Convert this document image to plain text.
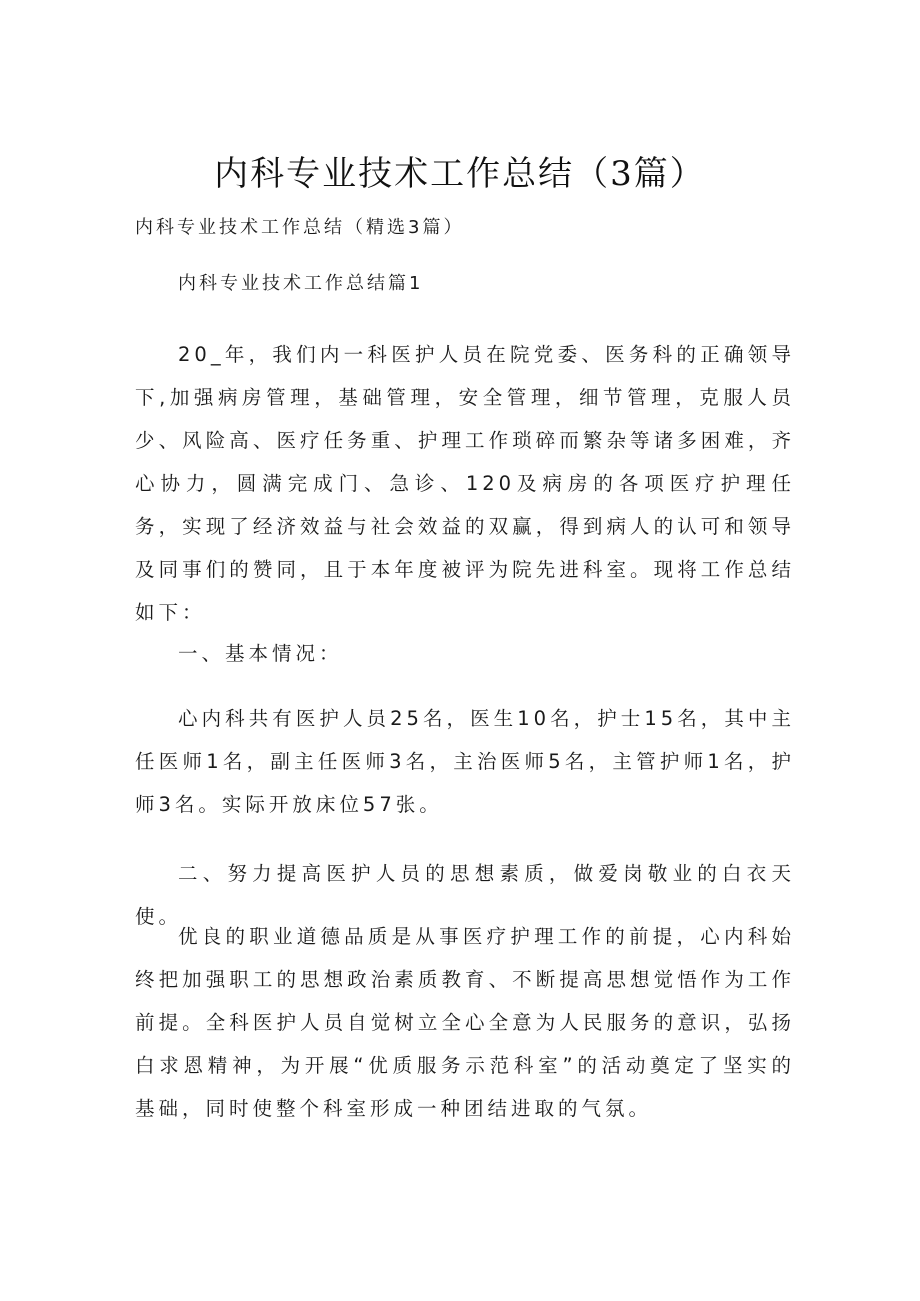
内科专业技术工作总结（3篇）

内科专业技术工作总结（精选3篇）

内科专业技术工作总结篇1

20_年，我们内一科医护人员在院党委、医务科的正确领导下,加强病房管理，基础管理，安全管理，细节管理，克服人员少、风险高、医疗任务重、护理工作琐碎而繁杂等诸多困难，齐心协力，圆满完成门、急诊、120及病房的各项医疗护理任务，实现了经济效益与社会效益的双赢，得到病人的认可和领导及同事们的赞同，且于本年度被评为院先进科室。现将工作总结如下：

一、基本情况：

心内科共有医护人员25名，医生10名，护士15名，其中主任医师1名，副主任医师3名，主治医师5名，主管护师1名，护师3名。实际开放床位57张。

二、努力提高医护人员的思想素质，做爱岗敬业的白衣天使。

优良的职业道德品质是从事医疗护理工作的前提，心内科始终把加强职工的思想政治素质教育、不断提高思想觉悟作为工作前提。全科医护人员自觉树立全心全意为人民服务的意识，弘扬白求恩精神，为开展“优质服务示范科室”的活动奠定了坚实的基础，同时使整个科室形成一种团结进取的气氛。
